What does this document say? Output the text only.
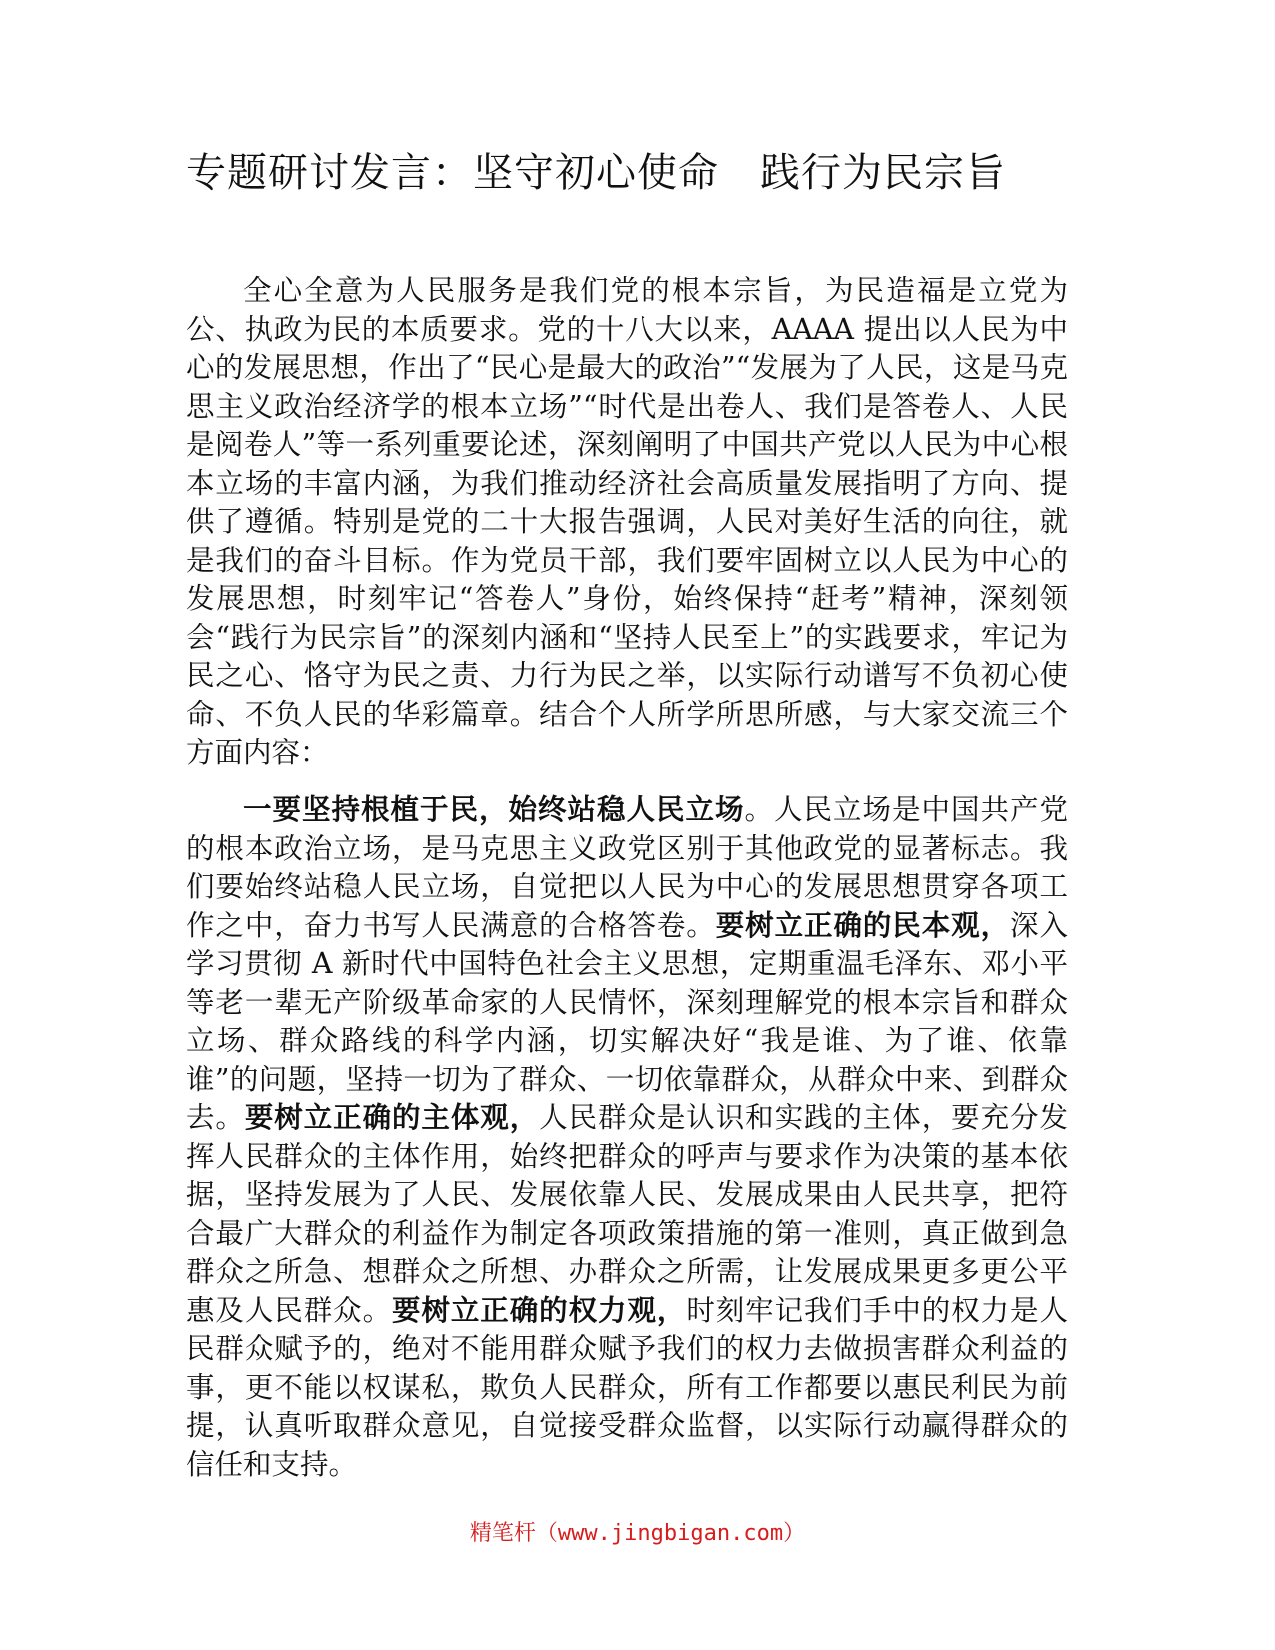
专题研讨发言：坚守初心使命　践行为民宗旨

全心全意为人民服务是我们党的根本宗旨，为民造福是立党为公、执政为民的本质要求。党的十八大以来，AAAA 提出以人民为中心的发展思想，作出了“民心是最大的政治”“发展为了人民，这是马克思主义政治经济学的根本立场”“时代是出卷人、我们是答卷人、人民是阅卷人”等一系列重要论述，深刻阐明了中国共产党以人民为中心根本立场的丰富内涵，为我们推动经济社会高质量发展指明了方向、提供了遵循。特别是党的二十大报告强调，人民对美好生活的向往，就是我们的奋斗目标。作为党员干部，我们要牢固树立以人民为中心的发展思想，时刻牢记“答卷人”身份，始终保持“赶考”精神，深刻领会“践行为民宗旨”的深刻内涵和“坚持人民至上”的实践要求，牢记为民之心、恪守为民之责、力行为民之举，以实际行动谱写不负初心使命、不负人民的华彩篇章。结合个人所学所思所感，与大家交流三个方面内容：

一要坚持根植于民，始终站稳人民立场。人民立场是中国共产党的根本政治立场，是马克思主义政党区别于其他政党的显著标志。我们要始终站稳人民立场，自觉把以人民为中心的发展思想贯穿各项工作之中，奋力书写人民满意的合格答卷。要树立正确的民本观，深入学习贯彻 A 新时代中国特色社会主义思想，定期重温毛泽东、邓小平等老一辈无产阶级革命家的人民情怀，深刻理解党的根本宗旨和群众立场、群众路线的科学内涵，切实解决好“我是谁、为了谁、依靠谁”的问题，坚持一切为了群众、一切依靠群众，从群众中来、到群众去。要树立正确的主体观，人民群众是认识和实践的主体，要充分发挥人民群众的主体作用，始终把群众的呼声与要求作为决策的基本依据，坚持发展为了人民、发展依靠人民、发展成果由人民共享，把符合最广大群众的利益作为制定各项政策措施的第一准则，真正做到急群众之所急、想群众之所想、办群众之所需，让发展成果更多更公平惠及人民群众。要树立正确的权力观，时刻牢记我们手中的权力是人民群众赋予的，绝对不能用群众赋予我们的权力去做损害群众利益的事，更不能以权谋私，欺负人民群众，所有工作都要以惠民利民为前提，认真听取群众意见，自觉接受群众监督，以实际行动赢得群众的信任和支持。

精笔杆（www.jingbigan.com）
